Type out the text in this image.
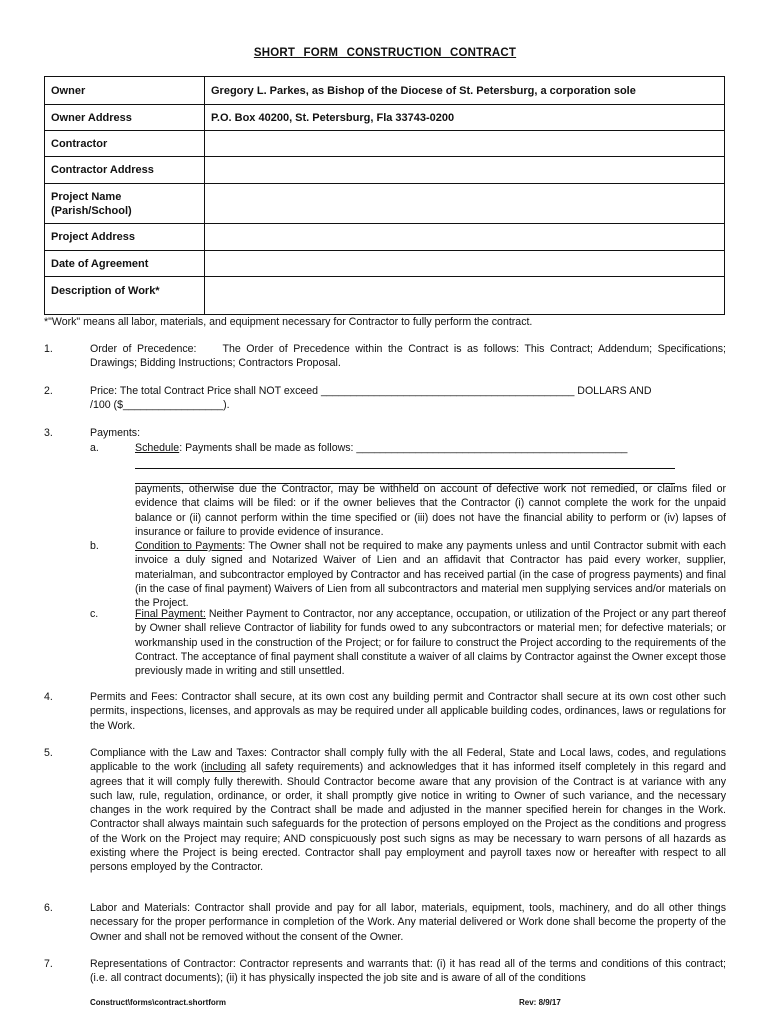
SHORT FORM CONSTRUCTION CONTRACT
Owner	Gregory L. Parkes, as Bishop of the Diocese of St. Petersburg, a corporation sole
Owner Address	P.O. Box 40200, St. Petersburg, Fla 33743-0200
Contractor	
Contractor Address	

Project Name
(Parish/School)	

Project Address	
Date of Agreement	
Description of Work*	
*"Work" means all labor, materials, and equipment necessary for Contractor to fully perform the contract.
1.	Order of Precedence: The Order of Precedence within the Contract is as follows: This Contract; Addendum; Specifications; Drawings; Bidding Instructions; Contractors Proposal.
2.	Price: The total Contract Price shall NOT exceed ___________________________________________ DOLLARS AND
/100 ($_________________).
3.	Payments:
a.	Schedule: Payments shall be made as follows: ______________________________________________
payments, otherwise due the Contractor, may be withheld on account of defective work not remedied, or claims filed or evidence that claims will be filed: or if the owner believes that the Contractor (i) cannot complete the work for the unpaid balance or (ii) cannot perform within the time specified or (iii) does not have the financial ability to perform or (iv) lapses of insurance or failure to provide evidence of insurance.
b.	Condition to Payments: The Owner shall not be required to make any payments unless and until Contractor submit with each invoice a duly signed and Notarized Waiver of Lien and an affidavit that Contractor has paid every worker, supplier, materialman, and subcontractor employed by Contractor and has received partial (in the case of progress payments) and final (in the case of final payment) Waivers of Lien from all subcontractors and material men supplying services and/or materials on the Project.
c.	Final Payment: Neither Payment to Contractor, nor any acceptance, occupation, or utilization of the Project or any part thereof by Owner shall relieve Contractor of liability for funds owed to any subcontractors or material men; for defective materials; or workmanship used in the construction of the Project; or for failure to construct the Project according to the requirements of the Contract. The acceptance of final payment shall constitute a waiver of all claims by Contractor against the Owner except those previously made in writing and still unsettled.
4.	Permits and Fees: Contractor shall secure, at its own cost any building permit and Contractor shall secure at its own cost other such permits, inspections, licenses, and approvals as may be required under all applicable building codes, ordinances, laws or regulations for the Work.
5.	Compliance with the Law and Taxes: Contractor shall comply fully with the all Federal, State and Local laws, codes, and regulations applicable to the work (including all safety requirements) and acknowledges that it has informed itself completely in this regard and agrees that it will comply fully therewith. Should Contractor become aware that any provision of the Contract is at variance with any such law, rule, regulation, ordinance, or order, it shall promptly give notice in writing to Owner of such variance, and the necessary changes in the work required by the Contract shall be made and adjusted in the manner specified herein for changes in the Work. Contractor shall always maintain such safeguards for the protection of persons employed on the Project as the conditions and progress of the Work on the Project may require; AND conspicuously post such signs as may be necessary to warn persons of all hazards as existing where the Project is being erected. Contractor shall pay employment and payroll taxes now or hereafter with respect to all persons employed by the Contractor.
6.	Labor and Materials: Contractor shall provide and pay for all labor, materials, equipment, tools, machinery, and do all other things necessary for the proper performance in completion of the Work. Any material delivered or Work done shall become the property of the Owner and shall not be removed without the consent of the Owner.
7.	Representations of Contractor: Contractor represents and warrants that: (i) it has read all of the terms and conditions of this contract; (i.e. all contract documents); (ii) it has physically inspected the job site and is aware of all of the conditions
Construct\forms\contract.shortform	Rev: 8/9/17
